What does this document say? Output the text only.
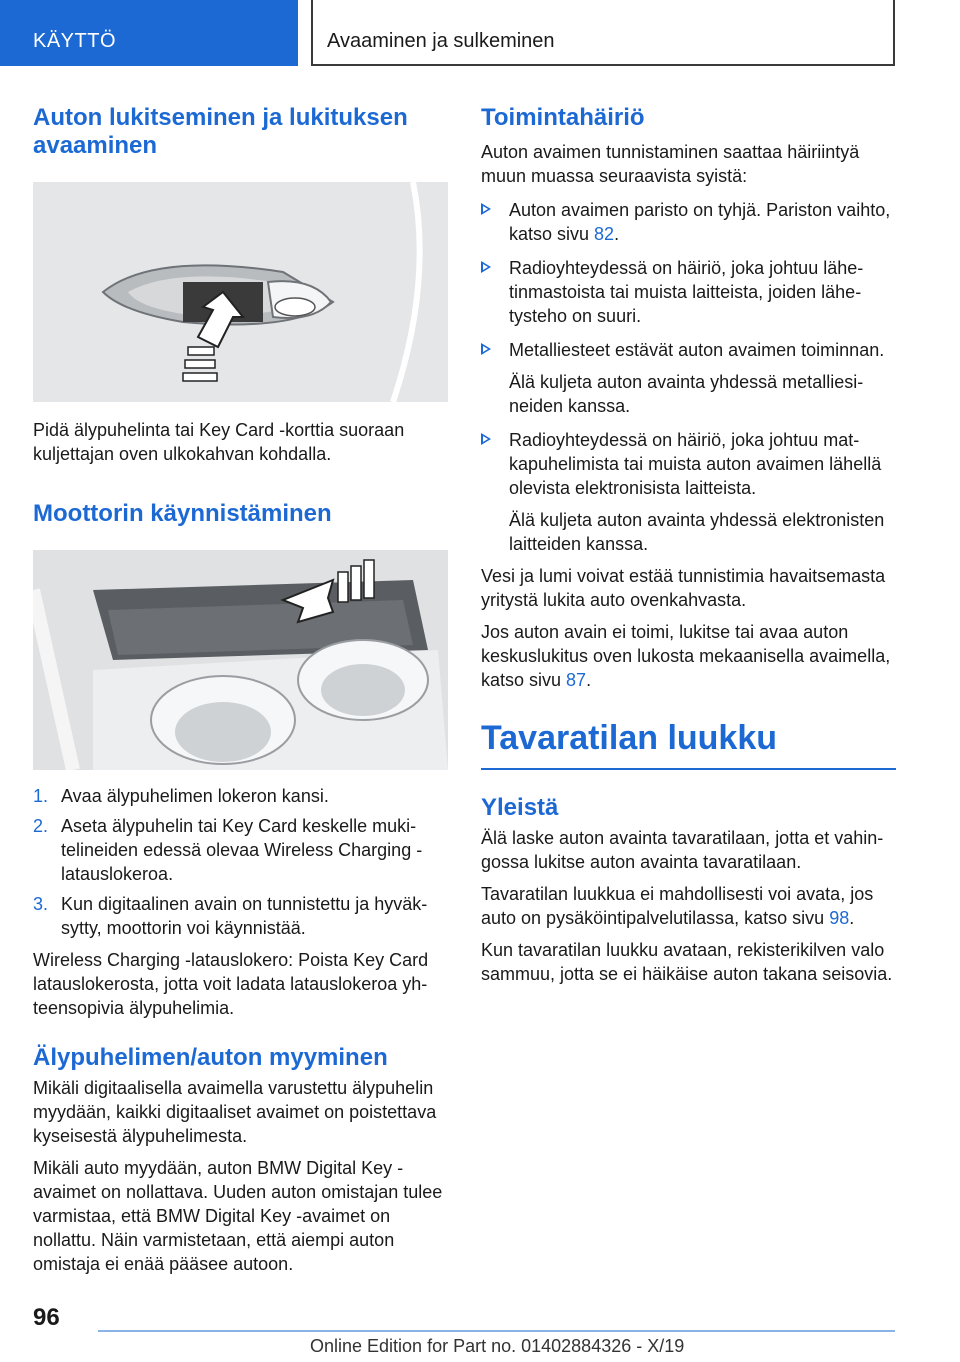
KÄYTTÖ	Avaaminen ja sulkeminen
Auton lukitseminen ja lukituksen avaaminen

Pidä älypuhelinta tai Key Card -korttia suoraan kuljettajan oven ulkokahvan kohdalla.

Moottorin käynnistäminen
1. Avaa älypuhelimen lokeron kansi.
2. Aseta älypuhelin tai Key Card keskelle mukitelineiden edessä olevaa Wireless Charging -latauslokeroa.
3. Kun digitaalinen avain on tunnistettu ja hyväksytty, moottorin voi käynnistää.

Wireless Charging -latauslokero: Poista Key Card latauslokerosta, jotta voit ladata latauslokeroa yhteensopivia älypuhelimia.

Älypuhelimen/auton myyminen

Mikäli digitaalisella avaimella varustettu älypuhelin myydään, kaikki digitaaliset avaimet on poistettava kyseisestä älypuhelimesta.

Mikäli auto myydään, auton BMW Digital Key -avaimet on nollattava. Uuden auton omistajan tulee varmistaa, että BMW Digital Key -avaimet on nollattu. Näin varmistetaan, että aiempi auton omistaja ei enää pääsee autoon.

Toimintahäiriö

Auton avaimen tunnistaminen saattaa häiriintyä muun muassa seuraavista syistä:

Auton avaimen paristo on tyhjä. Pariston vaihto, katso sivu 82.
Radioyhteydessä on häiriö, joka johtuu lähetinmastoista tai muista laitteista, joiden lähetysteho on suuri.
Metalliesteet estävät auton avaimen toiminnan.

Älä kuljeta auton avainta yhdessä metalliesineiden kanssa.

Radioyhteydessä on häiriö, joka johtuu matkapuhelimista tai muista auton avaimen lähellä olevista elektronisista laitteista.

Älä kuljeta auton avainta yhdessä elektronisten laitteiden kanssa.

Vesi ja lumi voivat estää tunnistimia havaitsemasta yritystä lukita auto ovenkahvasta.

Jos auton avain ei toimi, lukitse tai avaa auton keskuslukitus oven lukosta mekaanisella avaimella, katso sivu 87.

Tavaratilan luukku
Yleistä

Älä laske auton avainta tavaratilaan, jotta et vahingossa lukitse auton avainta tavaratilaan.

Tavaratilan luukkua ei mahdollisesti voi avata, jos auto on pysäköintipalvelutilassa, katso sivu 98.

Kun tavaratilan luukku avataan, rekisterikilven valo sammuu, jotta se ei häikäise auton takana seisovia.

96
Online Edition for Part no. 01402884326 - X/19
